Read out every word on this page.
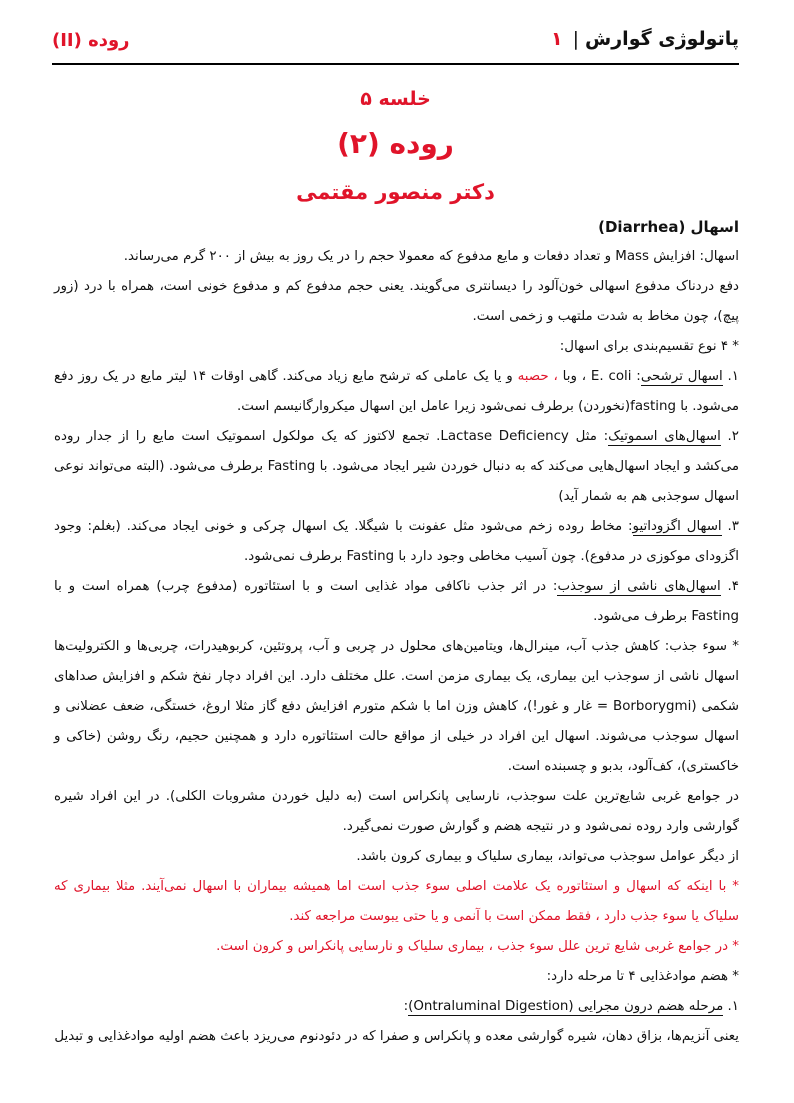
پاتولوژی گوارش|۱
روده (II)
خلسه ۵
روده (۲)
دکتر منصور مقتمی
اسهال (Diarrhea)

اسهال: افزایش Mass و تعداد دفعات و مایع مدفوع که معمولا حجم را در یک روز به بیش از ۲۰۰ گرم می‌رساند.

دفع دردناک مدفوع اسهالی خون‌آلود را دیسانتری می‌گویند. یعنی حجم مدفوع کم و مدفوع خونی است، همراه با درد (زور پیچ)، چون مخاط به شدت ملتهب و زخمی است.

* ۴ نوع تقسیم‌بندی برای اسهال:

۱. اسهال ترشحی: E. coli ، وبا ، حصبه و یا یک عاملی که ترشح مایع زیاد می‌کند. گاهی اوقات ۱۴ لیتر مایع در یک روز دفع می‌شود. با fasting(نخوردن) برطرف نمی‌شود زیرا عامل این اسهال میکروارگانیسم است.

۲. اسهال‌های اسموتیک: مثل Lactase Deficiency. تجمع لاکتوز که یک مولکول اسموتیک است مایع را از جدار روده می‌کشد و ایجاد اسهال‌هایی می‌کند که به دنبال خوردن شیر ایجاد می‌شود. با Fasting برطرف می‌شود. (البته می‌تواند نوعی اسهال سوجذبی هم به شمار آید)

۳. اسهال اگزوداتیو: مخاط روده زخم می‌شود مثل عفونت با شیگلا. یک اسهال چرکی و خونی ایجاد می‌کند. (بغلم: وجود اگزودای موکوزی در مدفوع). چون آسیب مخاطی وجود دارد با Fasting برطرف نمی‌شود.

۴. اسهال‌های ناشی از سوجذب: در اثر جذب ناکافی مواد غذایی است و با استئاتوره (مدفوع چرب) همراه است و با Fasting برطرف می‌شود.

* سوء جذب: کاهش جذب آب، مینرال‌ها، ویتامین‌های محلول در چربی و آب، پروتئین، کربوهیدرات، چربی‌ها و الکترولیت‌ها اسهال ناشی از سوجذب این بیماری، یک بیماری مزمن است. علل مختلف دارد. این افراد دچار نفخ شکم و افزایش صداهای شکمی (Borborygmi = غار و غور!)، کاهش وزن اما با شکم متورم افزایش دفع گاز مثلا اروغ، خستگی، ضعف عضلانی و اسهال سوجذب می‌شوند. اسهال این افراد در خیلی از مواقع حالت استئاتوره دارد و همچنین حجیم، رنگ روشن (خاکی و خاکستری)، کف‌آلود، بدبو و چسبنده است.

در جوامع غربی شایع‌ترین علت سوجذب، نارسایی پانکراس است (به دلیل خوردن مشروبات الکلی). در این افراد شیره گوارشی وارد روده نمی‌شود و در نتیجه هضم و گوارش صورت نمی‌گیرد.

از دیگر عوامل سوجذب می‌تواند، بیماری سلیاک و بیماری کرون باشد.

* با اینکه که اسهال و استئاتوره یک علامت اصلی سوء جذب است اما همیشه بیماران با اسهال نمی‌آیند. مثلا بیماری که سلیاک یا سوء جذب دارد ، فقط ممکن است با آنمی و یا حتی یبوست مراجعه کند.

* در جوامع غربی شایع ترین علل سوء جذب ، بیماری سلیاک و نارسایی پانکراس و کرون است.

* هضم موادغذایی ۴ تا مرحله دارد:

۱. مرحله هضم درون مجرایی (Ontraluminal Digestion):

یعنی آنزیم‌ها، بزاق دهان، شیره گوارشی معده و پانکراس و صفرا که در دئودنوم می‌ریزد باعث هضم اولیه موادغذایی و تبدیل
